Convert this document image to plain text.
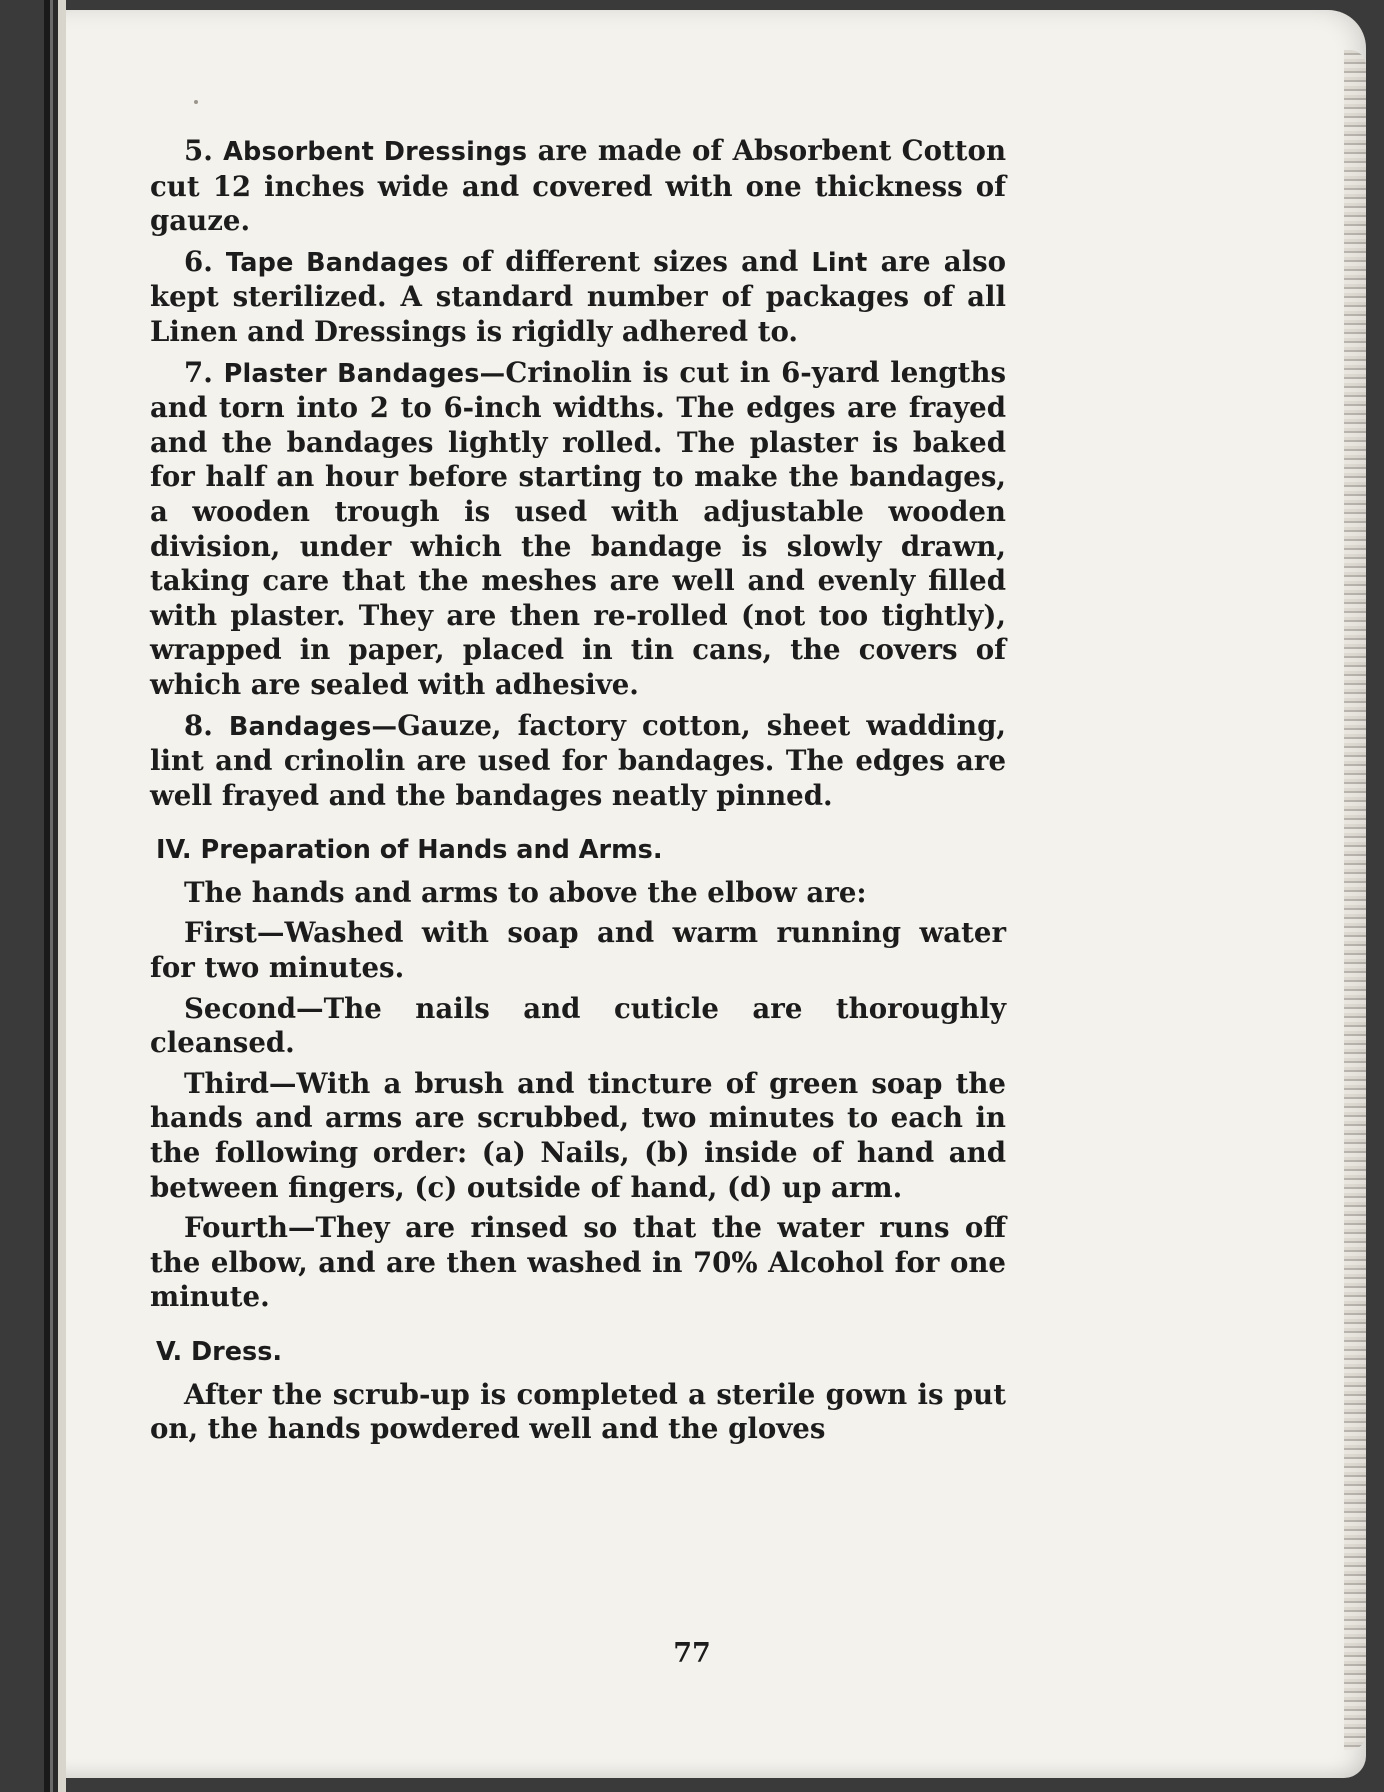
5. Absorbent Dressings are made of Absorbent Cotton cut 12 inches wide and covered with one thickness of gauze.

6. Tape Bandages of different sizes and Lint are also kept sterilized. A standard number of packages of all Linen and Dressings is rigidly adhered to.

7. Plaster Bandages—Crinolin is cut in 6-yard lengths and torn into 2 to 6-inch widths. The edges are frayed and the bandages lightly rolled. The plaster is baked for half an hour before starting to make the bandages, a wooden trough is used with adjustable wooden division, under which the bandage is slowly drawn, taking care that the meshes are well and evenly filled with plaster. They are then re-rolled (not too tightly), wrapped in paper, placed in tin cans, the covers of which are sealed with adhesive.

8. Bandages—Gauze, factory cotton, sheet wadding, lint and crinolin are used for bandages. The edges are well frayed and the bandages neatly pinned.

IV. Preparation of Hands and Arms.

The hands and arms to above the elbow are:

First—Washed with soap and warm running water for two minutes.

Second—The nails and cuticle are thoroughly cleansed.

Third—With a brush and tincture of green soap the hands and arms are scrubbed, two minutes to each in the following order: (a) Nails, (b) inside of hand and between fingers, (c) outside of hand, (d) up arm.

Fourth—They are rinsed so that the water runs off the elbow, and are then washed in 70% Alcohol for one minute.

V. Dress.

After the scrub-up is completed a sterile gown is put on, the hands powdered well and the gloves

77
